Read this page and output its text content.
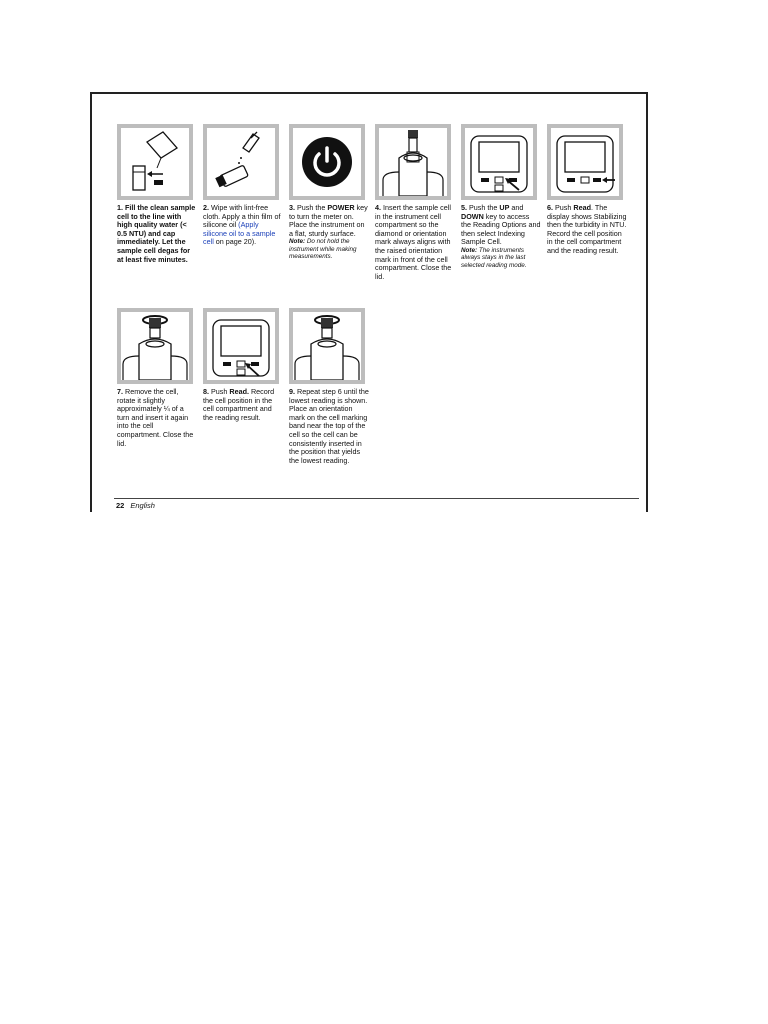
1. Fill the clean sample cell to the line with high quality water (< 0.5 NTU) and cap immediately. Let the sample cell degas for at least five minutes.
2. Wipe with lint-free cloth. Apply a thin film of silicone oil (Apply silicone oil to a sample cell on page 20).
3. Push the POWER key to turn the meter on. Place the instrument on a flat, sturdy surface.
Note: Do not hold the instrument while making measurements.
4. Insert the sample cell in the instrument cell compartment so the diamond or orientation mark always aligns with the raised orientation mark in front of the cell compartment. Close the lid.
5. Push the UP and DOWN key to access the Reading Options and then select Indexing Sample Cell.
Note: The instruments always stays in the last selected reading mode.
6. Push Read. The display shows Stabilizing then the turbidity in NTU. Record the cell position in the cell compartment and the reading result.
7. Remove the cell, rotate it slightly approximately ¼ of a turn and insert it again into the cell compartment. Close the lid.
8. Push Read. Record the cell position in the cell compartment and the reading result.
9. Repeat step 6 until the lowest reading is shown. Place an orientation mark on the cell marking band near the top of the cell so the cell can be consistently inserted in the position that yields the lowest reading.
22 English
